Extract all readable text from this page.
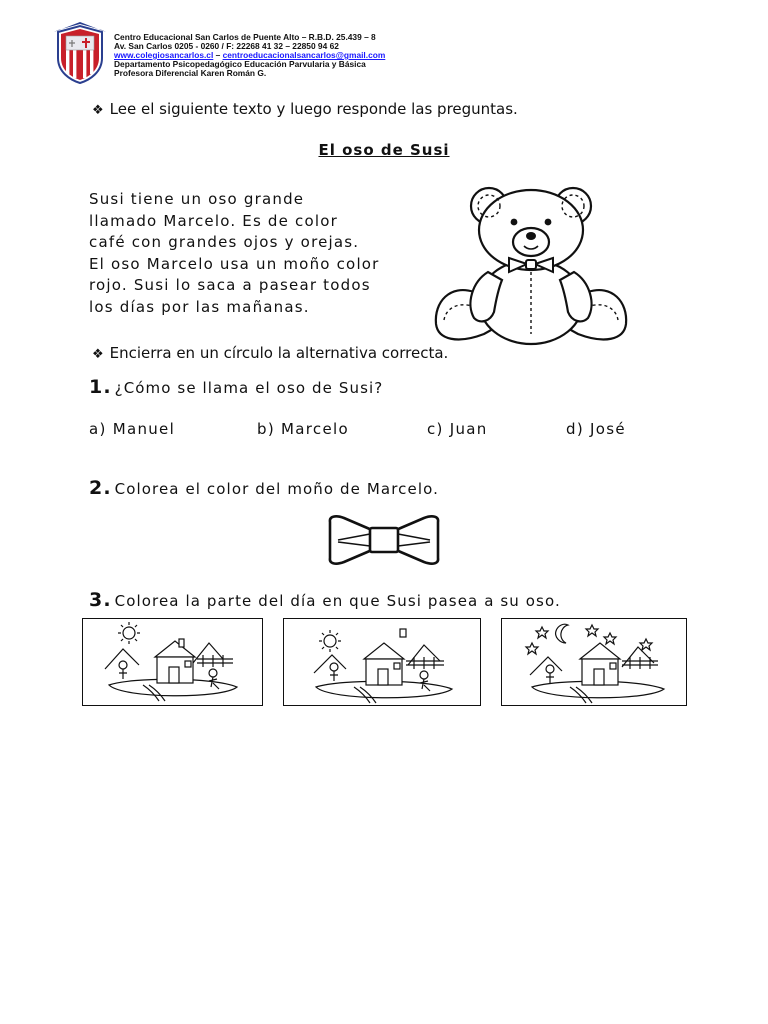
Centro Educacional San Carlos de Puente Alto – R.B.D. 25.439 – 8
Av. San Carlos 0205 - 0260 / F: 22268 41 32 – 22850 94 62
www.colegiosancarlos.cl – centroeducacionalsancarlos@gmail.com
Departamento Psicopedagógico Educación Parvularia y Básica
Profesora Diferencial Karen Román G.
❖ Lee el siguiente texto y luego responde las preguntas.
El oso de Susi
Susi tiene un oso grande
llamado Marcelo. Es de color
café con grandes ojos y orejas.
El oso Marcelo usa un moño color
rojo. Susi lo saca a pasear todos
los días por las mañanas.
❖ Encierra en un círculo la alternativa correcta.
1. ¿Cómo se llama el oso de Susi?
a) Manuel	b) Marcelo	c) Juan	d) José
2. Colorea el color del moño de Marcelo.
3. Colorea la parte del día en que Susi pasea a su oso.
